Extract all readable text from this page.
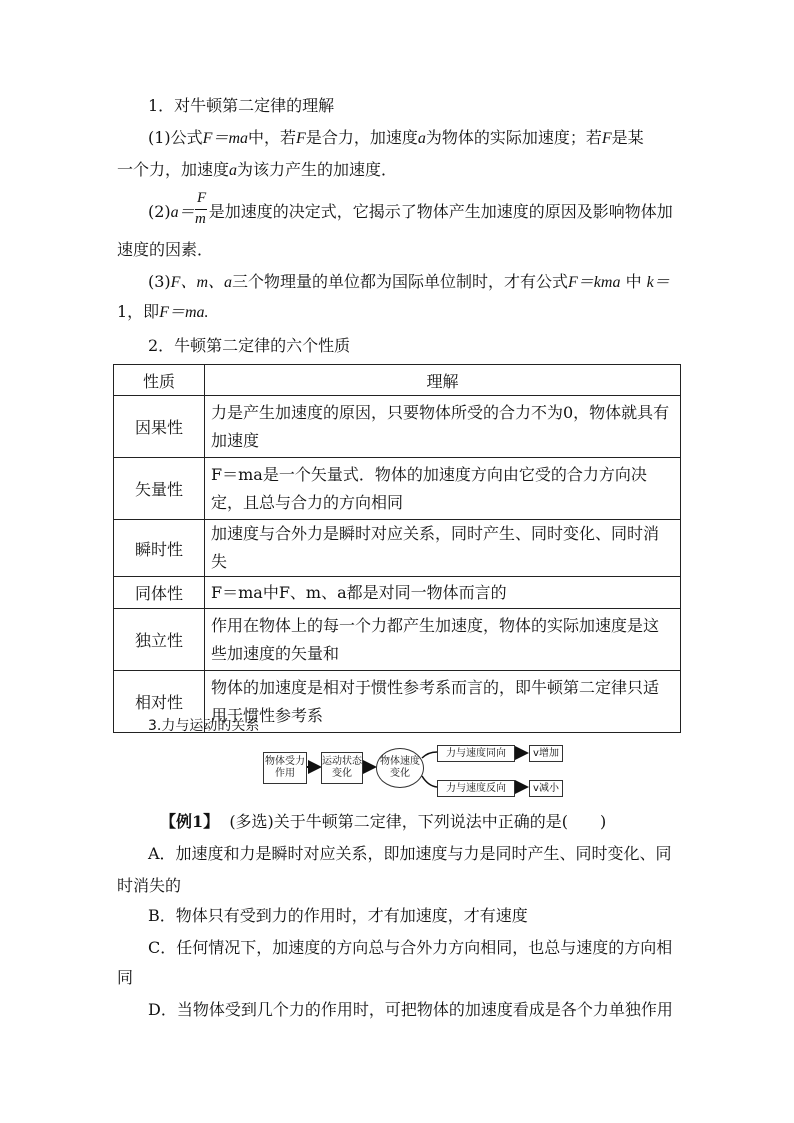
1．对牛顿第二定律的理解
(1)公式F＝ma中，若F是合力，加速度a为物体的实际加速度；若F是某
一个力，加速度a为该力产生的加速度．
(2)a＝ 是加速度的决定式，它揭示了物体产生加速度的原因及影响物体加
F
m
速度的因素．
(3)F、m、a三个物理量的单位都为国际单位制时，才有公式F＝kma 中 k＝
1，即F＝ma.
2．牛顿第二定律的六个性质
性质	理解
因果性	力是产生加速度的原因，只要物体所受的合力不为0，物体就具有加速度
矢量性	F＝ma是一个矢量式．物体的加速度方向由它受的合力方向决定，且总与合力的方向相同
瞬时性	加速度与合外力是瞬时对应关系，同时产生、同时变化、同时消失
同体性	F＝ma中F、m、a都是对同一物体而言的
独立性	作用在物体上的每一个力都产生加速度，物体的实际加速度是这些加速度的矢量和
相对性	物体的加速度是相对于惯性参考系而言的，即牛顿第二定律只适用于惯性参考系
3.力与运动的关系
物体受力作用
运动状态变化
物体速度变化
力与速度同向
力与速度反向
v增加
v减小
【例1】 (多选)关于牛顿第二定律，下列说法中正确的是(　　)
A．加速度和力是瞬时对应关系，即加速度与力是同时产生、同时变化、同
时消失的
B．物体只有受到力的作用时，才有加速度，才有速度
C．任何情况下，加速度的方向总与合外力方向相同，也总与速度的方向相
同
D．当物体受到几个力的作用时，可把物体的加速度看成是各个力单独作用
